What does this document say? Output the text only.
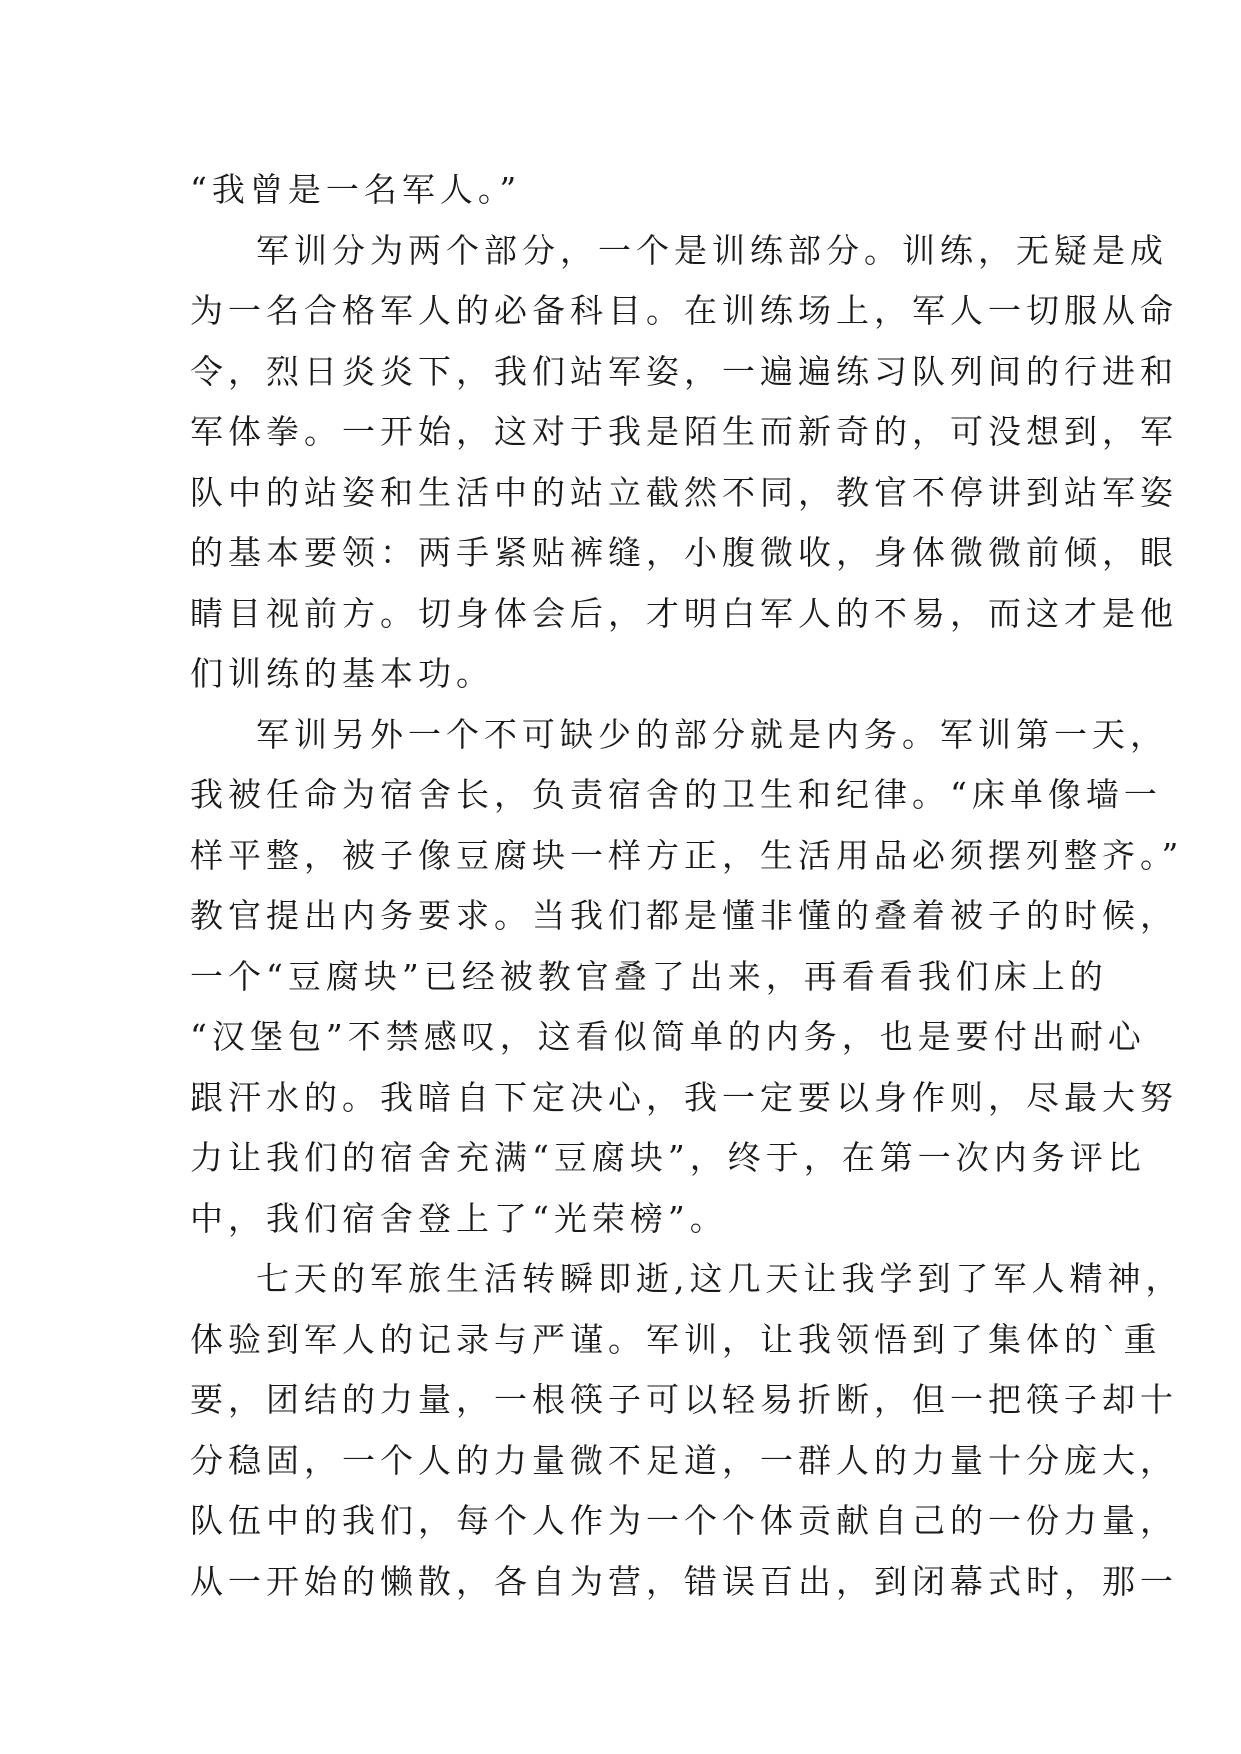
“我曾是一名军人。”
军训分为两个部分，一个是训练部分。训练，无疑是成
为一名合格军人的必备科目。在训练场上，军人一切服从命
令，烈日炎炎下，我们站军姿，一遍遍练习队列间的行进和
军体拳。一开始，这对于我是陌生而新奇的，可没想到，军
队中的站姿和生活中的站立截然不同，教官不停讲到站军姿
的基本要领：两手紧贴裤缝，小腹微收，身体微微前倾，眼
睛目视前方。切身体会后，才明白军人的不易，而这才是他
们训练的基本功。
军训另外一个不可缺少的部分就是内务。军训第一天，
我被任命为宿舍长，负责宿舍的卫生和纪律。“床单像墙一
样平整，被子像豆腐块一样方正，生活用品必须摆列整齐。”
教官提出内务要求。当我们都是懂非懂的叠着被子的时候，
一个“豆腐块”已经被教官叠了出来，再看看我们床上的
“汉堡包”不禁感叹，这看似简单的内务，也是要付出耐心
跟汗水的。我暗自下定决心，我一定要以身作则，尽最大努
力让我们的宿舍充满“豆腐块”，终于，在第一次内务评比
中，我们宿舍登上了“光荣榜”。
七天的军旅生活转瞬即逝,这几天让我学到了军人精神，
体验到军人的记录与严谨。军训，让我领悟到了集体的`重
要，团结的力量，一根筷子可以轻易折断，但一把筷子却十
分稳固，一个人的力量微不足道，一群人的力量十分庞大，
队伍中的我们，每个人作为一个个体贡献自己的一份力量，
从一开始的懒散，各自为营，错误百出，到闭幕式时，那一
